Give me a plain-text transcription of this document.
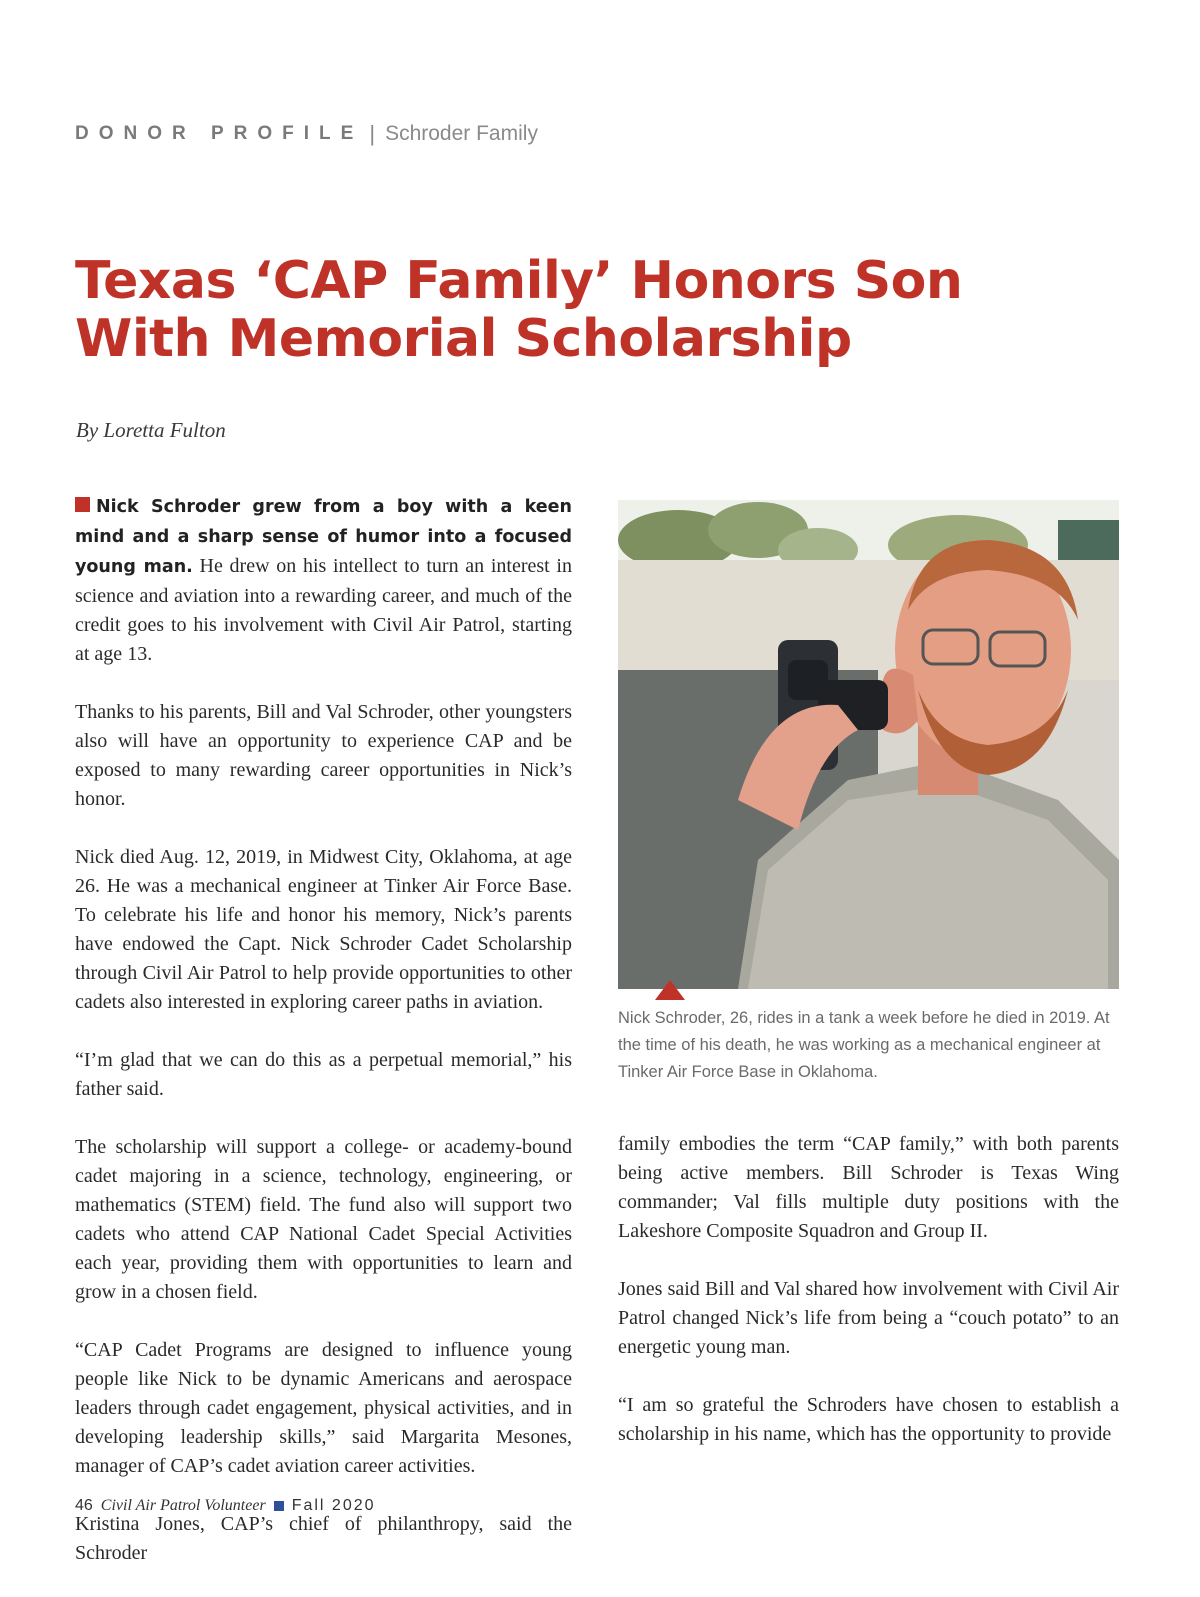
DONOR PROFILE | Schroder Family
Texas ‘CAP Family’ Honors Son
With Memorial Scholarship
By Loretta Fulton

Nick Schroder grew from a boy with a keen mind and a sharp sense of humor into a focused young man. He drew on his intellect to turn an interest in science and aviation into a rewarding career, and much of the credit goes to his involvement with Civil Air Patrol, starting at age 13.

Thanks to his parents, Bill and Val Schroder, other youngsters also will have an opportunity to experience CAP and be exposed to many rewarding career opportunities in Nick’s honor.

Nick died Aug. 12, 2019, in Midwest City, Oklahoma, at age 26. He was a mechanical engineer at Tinker Air Force Base. To celebrate his life and honor his memory, Nick’s parents have endowed the Capt. Nick Schroder Cadet Scholarship through Civil Air Patrol to help provide opportunities to other cadets also interested in exploring career paths in aviation.

“I’m glad that we can do this as a perpetual memorial,” his father said.

The scholarship will support a college- or academy-bound cadet majoring in a science, technology, engineering, or mathematics (STEM) field. The fund also will support two cadets who attend CAP National Cadet Special Activities each year, providing them with opportunities to learn and grow in a chosen field.

“CAP Cadet Programs are designed to influence young people like Nick to be dynamic Americans and aerospace leaders through cadet engagement, physical activities, and in developing leadership skills,” said Margarita Mesones, manager of CAP’s cadet aviation career activities.

Kristina Jones, CAP’s chief of philanthropy, said the Schroder

Nick Schroder, 26, rides in a tank a week before he died in 2019. At the time of his death, he was working as a mechanical engineer at Tinker Air Force Base in Oklahoma.

family embodies the term “CAP family,” with both parents being active members. Bill Schroder is Texas Wing commander; Val fills multiple duty positions with the Lakeshore Composite Squadron and Group II.

Jones said Bill and Val shared how involvement with Civil Air Patrol changed Nick’s life from being a “couch potato” to an energetic young man.

“I am so grateful the Schroders have chosen to establish a scholarship in his name, which has the opportunity to provide

46 Civil Air Patrol Volunteer Fall 2020
